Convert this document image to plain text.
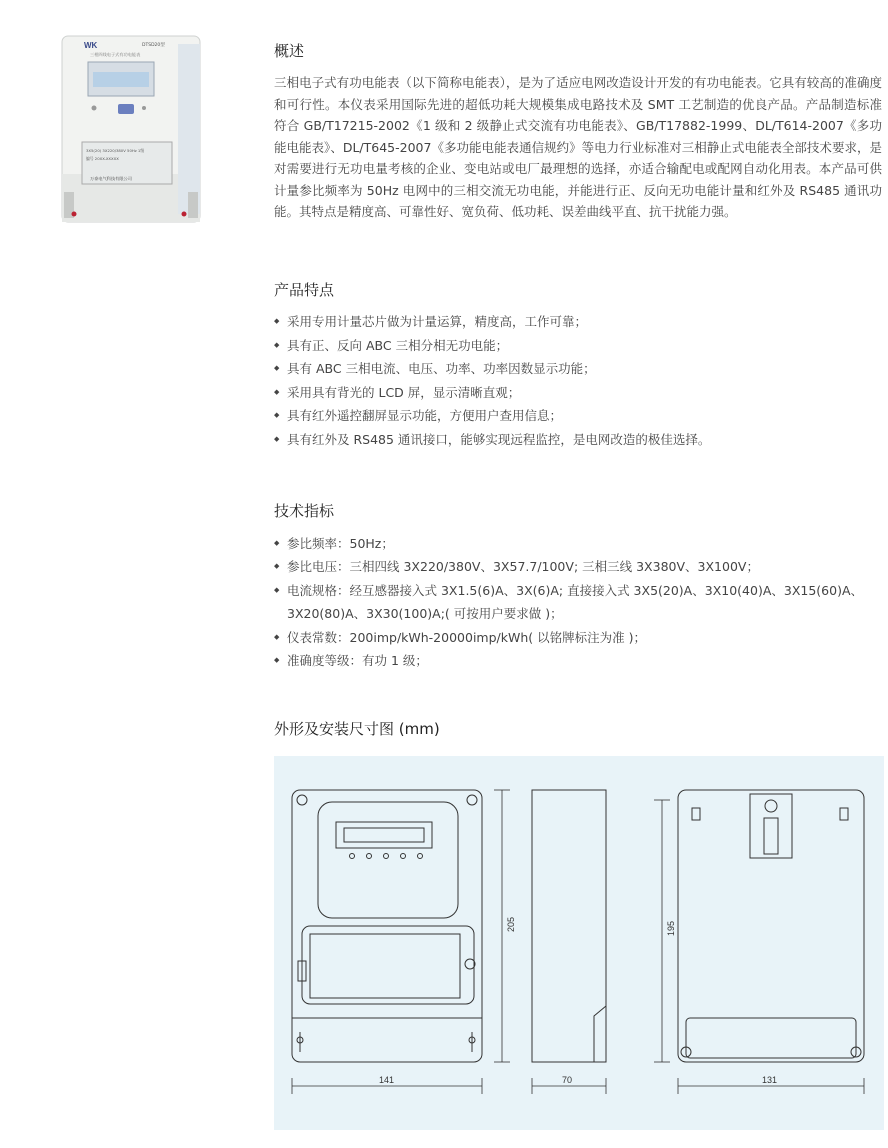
WK	DTSD20型
三相四线电子式有功电能表
3X5(20) 3X220/380V 50Hz 1级
编号 20XX-XXXXX
万泰电气科技有限公司
概述

三相电子式有功电能表（以下简称电能表），是为了适应电网改造设计开发的有功电能表。它具有较高的准确度和可行性。本仪表采用国际先进的超低功耗大规模集成电路技术及 SMT 工艺制造的优良产品。产品制造标准符合 GB/T17215-2002《1 级和 2 级静止式交流有功电能表》、GB/T17882-1999、DL/T614-2007《多功能电能表》、DL/T645-2007《多功能电能表通信规约》等电力行业标准对三相静止式电能表全部技术要求，是对需要进行无功电量考核的企业、变电站或电厂最理想的选择，亦适合输配电或配网自动化用表。本产品可供计量参比频率为 50Hz 电网中的三相交流无功电能，并能进行正、反向无功电能计量和红外及 RS485 通讯功能。其特点是精度高、可靠性好、宽负荷、低功耗、误差曲线平直、抗干扰能力强。

产品特点
◆ 采用专用计量芯片做为计量运算，精度高，工作可靠；
◆ 具有正、反向 ABC 三相分相无功电能；
◆ 具有 ABC 三相电流、电压、功率、功率因数显示功能；
◆ 采用具有背光的 LCD 屏，显示清晰直观；
◆ 具有红外遥控翻屏显示功能，方便用户查用信息；
◆ 具有红外及 RS485 通讯接口，能够实现远程监控，是电网改造的极佳选择。
技术指标
◆ 参比频率：50Hz；
◆ 参比电压：三相四线 3X220/380V、3X57.7/100V; 三相三线 3X380V、3X100V；
◆ 电流规格：经互感器接入式 3X1.5(6)A、3X(6)A; 直接接入式 3X5(20)A、3X10(40)A、3X15(60)A、3X20(80)A、3X30(100)A;( 可按用户要求做 )；
◆ 仪表常数：200imp/kWh-20000imp/kWh( 以铭牌标注为准 )；
◆ 准确度等级：有功 1 级；
外形及安装尺寸图 (mm)
141	70	131
205	195
